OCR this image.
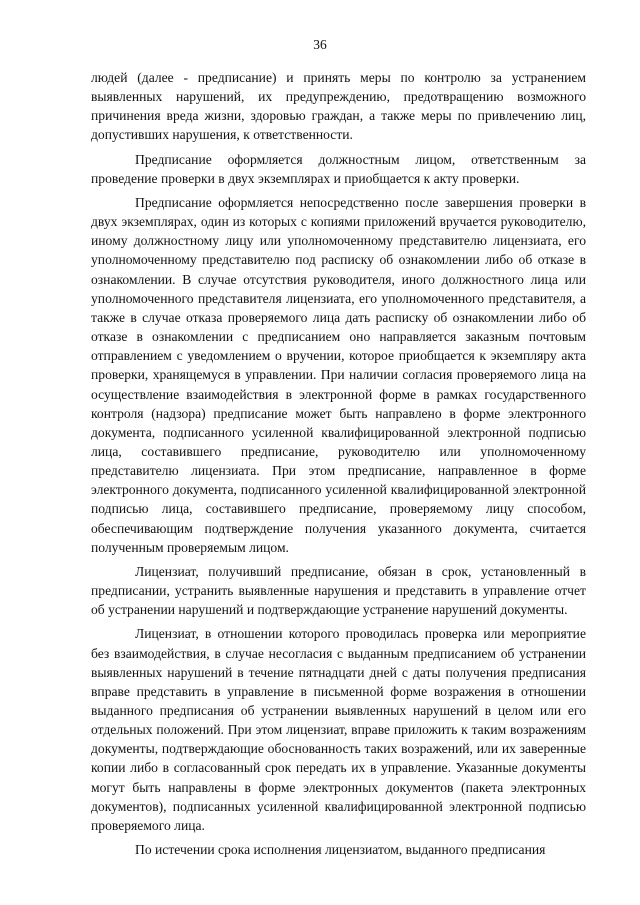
36

людей (далее - предписание) и принять меры по контролю за устранением выявленных нарушений, их предупреждению, предотвращению возможного причинения вреда жизни, здоровью граждан, а также меры по привлечению лиц, допустивших нарушения, к ответственности.

Предписание оформляется должностным лицом, ответственным за проведение проверки в двух экземплярах и приобщается к акту проверки.

Предписание оформляется непосредственно после завершения проверки в двух экземплярах, один из которых с копиями приложений вручается руководителю, иному должностному лицу или уполномоченному представителю лицензиата, его уполномоченному представителю под расписку об ознакомлении либо об отказе в ознакомлении. В случае отсутствия руководителя, иного должностного лица или уполномоченного представителя лицензиата, его уполномоченного представителя, а также в случае отказа проверяемого лица дать расписку об ознакомлении либо об отказе в ознакомлении с предписанием оно направляется заказным почтовым отправлением с уведомлением о вручении, которое приобщается к экземпляру акта проверки, хранящемуся в управлении. При наличии согласия проверяемого лица на осуществление взаимодействия в электронной форме в рамках государственного контроля (надзора) предписание может быть направлено в форме электронного документа, подписанного усиленной квалифицированной электронной подписью лица, составившего предписание, руководителю или уполномоченному представителю лицензиата. При этом предписание, направленное в форме электронного документа, подписанного усиленной квалифицированной электронной подписью лица, составившего предписание, проверяемому лицу способом, обеспечивающим подтверждение получения указанного документа, считается полученным проверяемым лицом.

Лицензиат, получивший предписание, обязан в срок, установленный в предписании, устранить выявленные нарушения и представить в управление отчет об устранении нарушений и подтверждающие устранение нарушений документы.

Лицензиат, в отношении которого проводилась проверка или мероприятие без взаимодействия, в случае несогласия с выданным предписанием об устранении выявленных нарушений в течение пятнадцати дней с даты получения предписания вправе представить в управление в письменной форме возражения в отношении выданного предписания об устранении выявленных нарушений в целом или его отдельных положений. При этом лицензиат, вправе приложить к таким возражениям документы, подтверждающие обоснованность таких возражений, или их заверенные копии либо в согласованный срок передать их в управление. Указанные документы могут быть направлены в форме электронных документов (пакета электронных документов), подписанных усиленной квалифицированной электронной подписью проверяемого лица.

По истечении срока исполнения лицензиатом, выданного предписания
